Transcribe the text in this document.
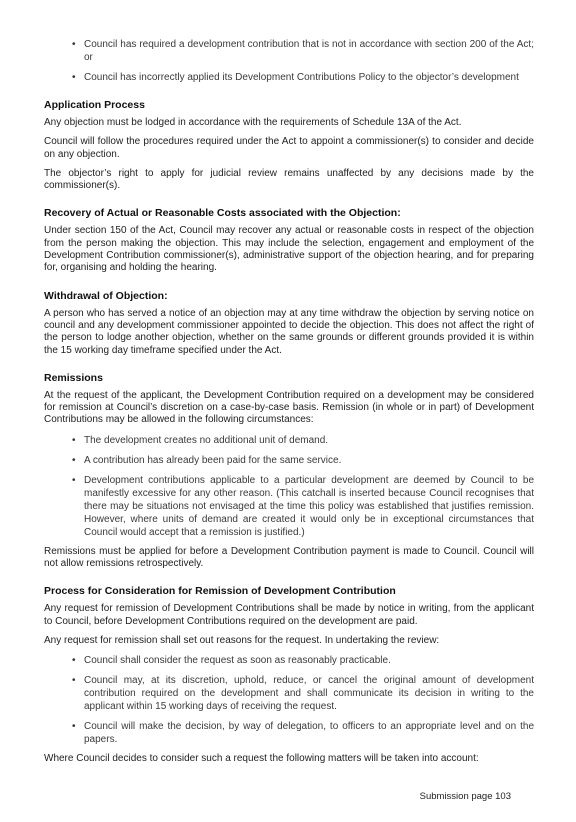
• Council has required a development contribution that is not in accordance with section 200 of the Act; or
• Council has incorrectly applied its Development Contributions Policy to the objector’s development
Application Process

Any objection must be lodged in accordance with the requirements of Schedule 13A of the Act.

Council will follow the procedures required under the Act to appoint a commissioner(s) to consider and decide on any objection.

The objector’s right to apply for judicial review remains unaffected by any decisions made by the commissioner(s).

Recovery of Actual or Reasonable Costs associated with the Objection:

Under section 150 of the Act, Council may recover any actual or reasonable costs in respect of the objection from the person making the objection. This may include the selection, engagement and employment of the Development Contribution commissioner(s), administrative support of the objection hearing, and for preparing for, organising and holding the hearing.

Withdrawal of Objection:

A person who has served a notice of an objection may at any time withdraw the objection by serving notice on council and any development commissioner appointed to decide the objection. This does not affect the right of the person to lodge another objection, whether on the same grounds or different grounds provided it is within the 15 working day timeframe specified under the Act.

Remissions

At the request of the applicant, the Development Contribution required on a development may be considered for remission at Council’s discretion on a case-by-case basis. Remission (in whole or in part) of Development Contributions may be allowed in the following circumstances:

• The development creates no additional unit of demand.
• A contribution has already been paid for the same service.
• Development contributions applicable to a particular development are deemed by Council to be manifestly excessive for any other reason. (This catchall is inserted because Council recognises that there may be situations not envisaged at the time this policy was established that justifies remission. However, where units of demand are created it would only be in exceptional circumstances that Council would accept that a remission is justified.)

Remissions must be applied for before a Development Contribution payment is made to Council. Council will not allow remissions retrospectively.

Process for Consideration for Remission of Development Contribution

Any request for remission of Development Contributions shall be made by notice in writing, from the applicant to Council, before Development Contributions required on the development are paid.

Any request for remission shall set out reasons for the request. In undertaking the review:

• Council shall consider the request as soon as reasonably practicable.
• Council may, at its discretion, uphold, reduce, or cancel the original amount of development contribution required on the development and shall communicate its decision in writing to the applicant within 15 working days of receiving the request.
• Council will make the decision, by way of delegation, to officers to an appropriate level and on the papers.

Where Council decides to consider such a request the following matters will be taken into account:

Submission page 103
